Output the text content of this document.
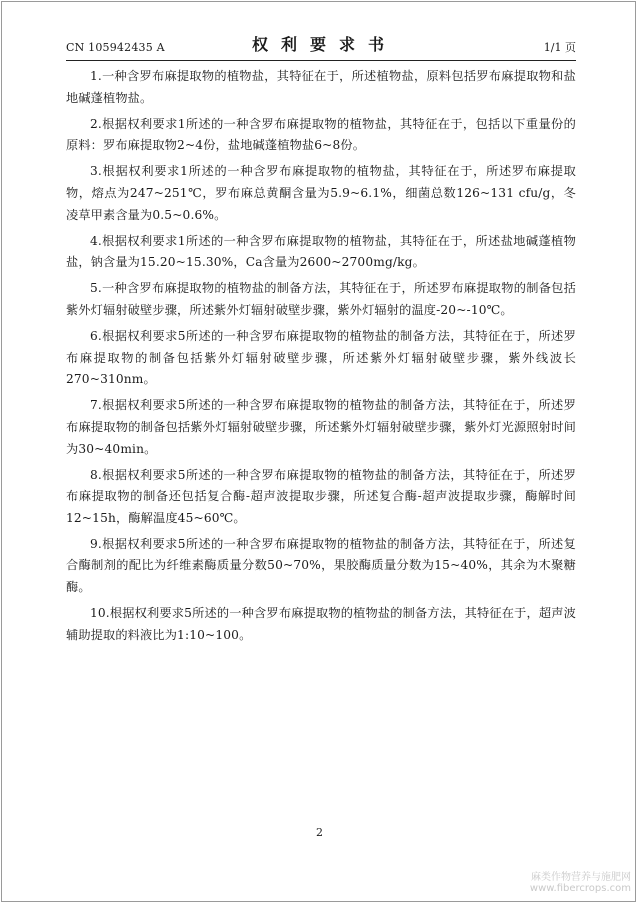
CN 105942435 A	权利要求书	1/1 页

1.一种含罗布麻提取物的植物盐，其特征在于，所述植物盐，原料包括罗布麻提取物和盐地碱蓬植物盐。

2.根据权利要求1所述的一种含罗布麻提取物的植物盐，其特征在于，包括以下重量份的原料：罗布麻提取物2~4份，盐地碱蓬植物盐6~8份。

3.根据权利要求1所述的一种含罗布麻提取物的植物盐，其特征在于，所述罗布麻提取物，熔点为247~251℃，罗布麻总黄酮含量为5.9~6.1%，细菌总数126~131 cfu/g，冬凌草甲素含量为0.5~0.6%。

4.根据权利要求1所述的一种含罗布麻提取物的植物盐，其特征在于，所述盐地碱蓬植物盐，钠含量为15.20~15.30%，Ca含量为2600~2700mg/kg。

5.一种含罗布麻提取物的植物盐的制备方法，其特征在于，所述罗布麻提取物的制备包括紫外灯辐射破壁步骤，所述紫外灯辐射破壁步骤，紫外灯辐射的温度-20~-10℃。

6.根据权利要求5所述的一种含罗布麻提取物的植物盐的制备方法，其特征在于，所述罗布麻提取物的制备包括紫外灯辐射破壁步骤，所述紫外灯辐射破壁步骤，紫外线波长270~310nm。

7.根据权利要求5所述的一种含罗布麻提取物的植物盐的制备方法，其特征在于，所述罗布麻提取物的制备包括紫外灯辐射破壁步骤，所述紫外灯辐射破壁步骤，紫外灯光源照射时间为30~40min。

8.根据权利要求5所述的一种含罗布麻提取物的植物盐的制备方法，其特征在于，所述罗布麻提取物的制备还包括复合酶-超声波提取步骤，所述复合酶-超声波提取步骤，酶解时间12~15h，酶解温度45~60℃。

9.根据权利要求5所述的一种含罗布麻提取物的植物盐的制备方法，其特征在于，所述复合酶制剂的配比为纤维素酶质量分数50~70%，果胶酶质量分数为15~40%，其余为木聚糖酶。

10.根据权利要求5所述的一种含罗布麻提取物的植物盐的制备方法，其特征在于，超声波辅助提取的料液比为1:10~100。

2
麻类作物营养与施肥网
www.fibercrops.com
